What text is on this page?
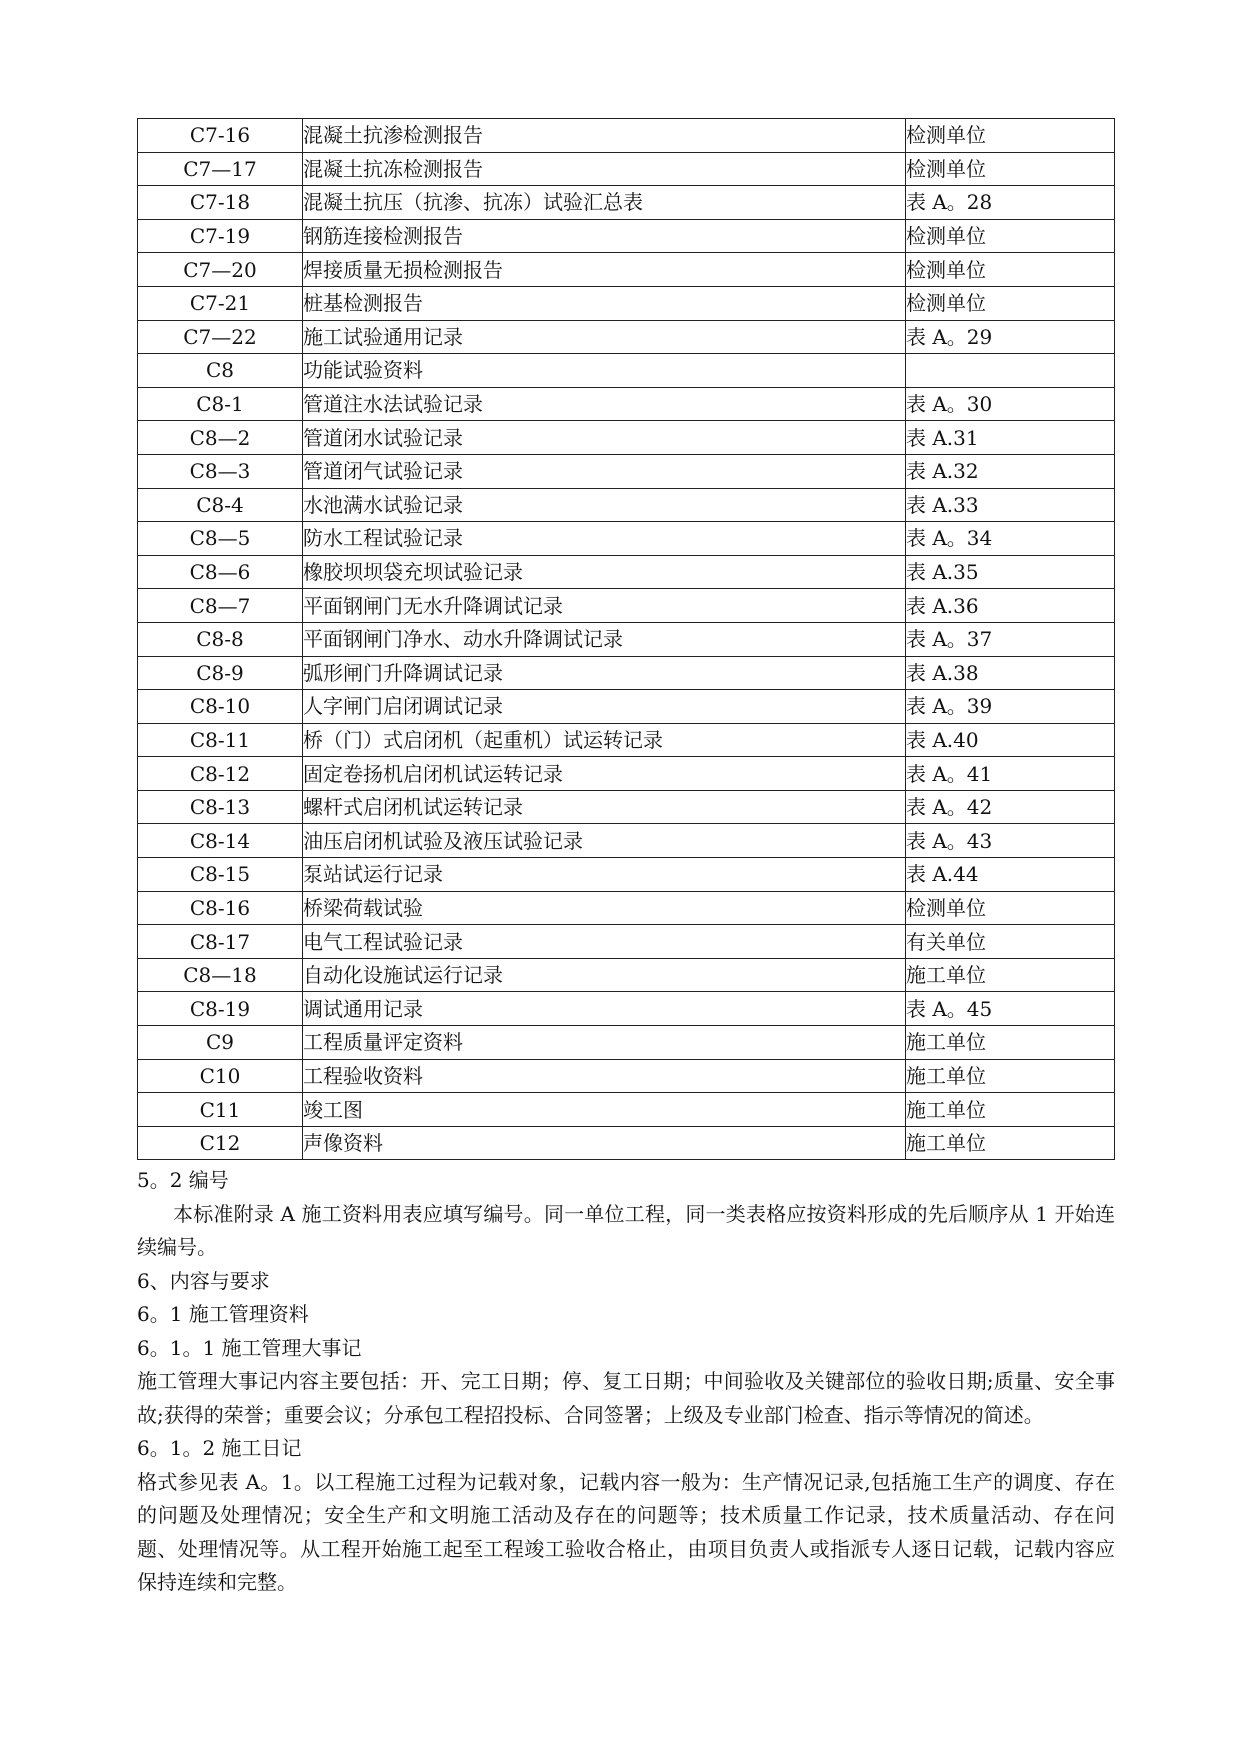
C7-16	混凝土抗渗检测报告	检测单位
C7—17	混凝土抗冻检测报告	检测单位
C7-18	混凝土抗压（抗渗、抗冻）试验汇总表	表 A。28
C7-19	钢筋连接检测报告	检测单位
C7—20	焊接质量无损检测报告	检测单位
C7-21	桩基检测报告	检测单位
C7—22	施工试验通用记录	表 A。29
C8	功能试验资料	
C8-1	管道注水法试验记录	表 A。30
C8—2	管道闭水试验记录	表 A.31
C8—3	管道闭气试验记录	表 A.32
C8-4	水池满水试验记录	表 A.33
C8—5	防水工程试验记录	表 A。34
C8—6	橡胶坝坝袋充坝试验记录	表 A.35
C8—7	平面钢闸门无水升降调试记录	表 A.36
C8-8	平面钢闸门净水、动水升降调试记录	表 A。37
C8-9	弧形闸门升降调试记录	表 A.38
C8-10	人字闸门启闭调试记录	表 A。39
C8-11	桥（门）式启闭机（起重机）试运转记录	表 A.40
C8-12	固定卷扬机启闭机试运转记录	表 A。41
C8-13	螺杆式启闭机试运转记录	表 A。42
C8-14	油压启闭机试验及液压试验记录	表 A。43
C8-15	泵站试运行记录	表 A.44
C8-16	桥梁荷载试验	检测单位
C8-17	电气工程试验记录	有关单位
C8—18	自动化设施试运行记录	施工单位
C8-19	调试通用记录	表 A。45
C9	工程质量评定资料	施工单位
C10	工程验收资料	施工单位
C11	竣工图	施工单位
C12	声像资料	施工单位

5。2 编号

本标准附录 A 施工资料用表应填写编号。同一单位工程，同一类表格应按资料形成的先后顺序从 1 开始连续编号。

6、内容与要求

6。1 施工管理资料

6。1。1 施工管理大事记

施工管理大事记内容主要包括：开、完工日期；停、复工日期；中间验收及关键部位的验收日期;质量、安全事故;获得的荣誉；重要会议；分承包工程招投标、合同签署；上级及专业部门检查、指示等情况的简述。

6。1。2 施工日记

格式参见表 A。1。以工程施工过程为记载对象，记载内容一般为：生产情况记录,包括施工生产的调度、存在的问题及处理情况；安全生产和文明施工活动及存在的问题等；技术质量工作记录，技术质量活动、存在问题、处理情况等。从工程开始施工起至工程竣工验收合格止，由项目负责人或指派专人逐日记载，记载内容应保持连续和完整。
